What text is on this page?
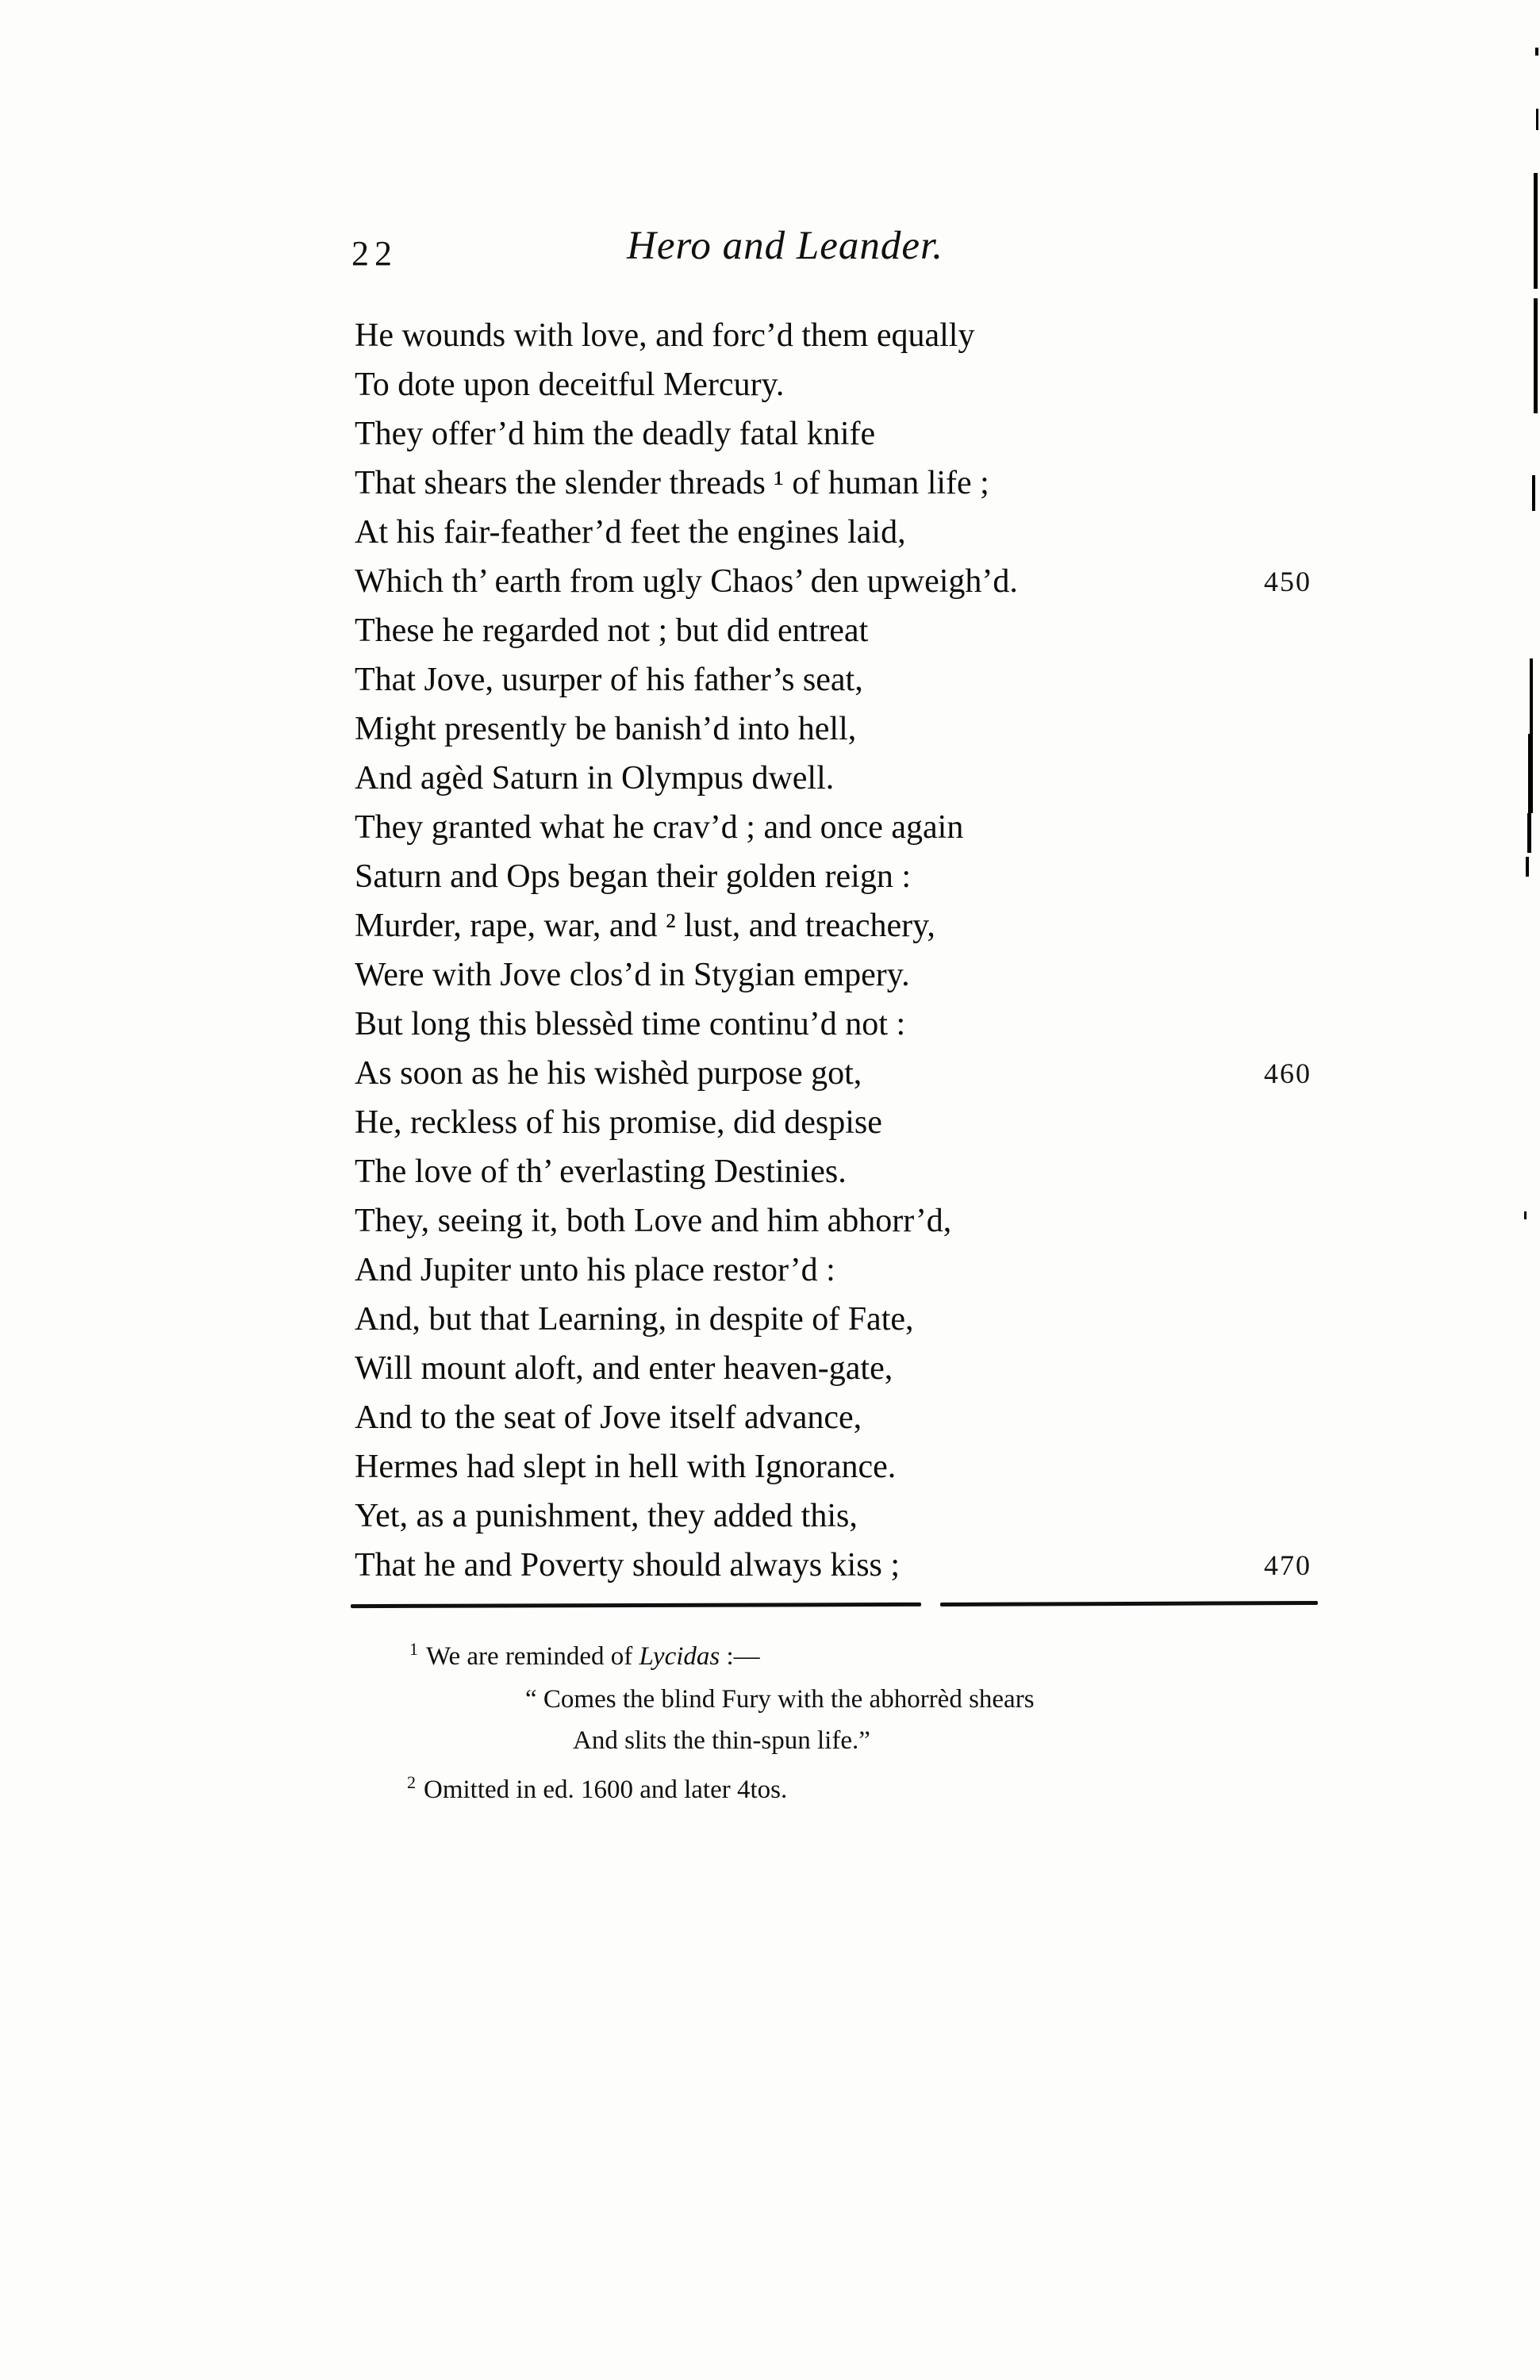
22	Hero and Leander.
He wounds with love, and forc’d them equally
To dote upon deceitful Mercury.
They offer’d him the deadly fatal knife
That shears the slender threads ¹ of human life ;
At his fair-feather’d feet the engines laid,
Which th’ earth from ugly Chaos’ den upweigh’d.	450
These he regarded not ; but did entreat
That Jove, usurper of his father’s seat,
Might presently be banish’d into hell,
And agèd Saturn in Olympus dwell.
They granted what he crav’d ; and once again
Saturn and Ops began their golden reign :
Murder, rape, war, and ² lust, and treachery,
Were with Jove clos’d in Stygian empery.
But long this blessèd time continu’d not :
As soon as he his wishèd purpose got,	460
He, reckless of his promise, did despise
The love of th’ everlasting Destinies.
They, seeing it, both Love and him abhorr’d,
And Jupiter unto his place restor’d :
And, but that Learning, in despite of Fate,
Will mount aloft, and enter heaven-gate,
And to the seat of Jove itself advance,
Hermes had slept in hell with Ignorance.
Yet, as a punishment, they added this,
That he and Poverty should always kiss ;	470
$^1$ We are reminded of Lycidas :—
“ Comes the blind Fury with the abhorrèd shears
And slits the thin-spun life.”
$^2$ Omitted in ed. 1600 and later 4tos.
